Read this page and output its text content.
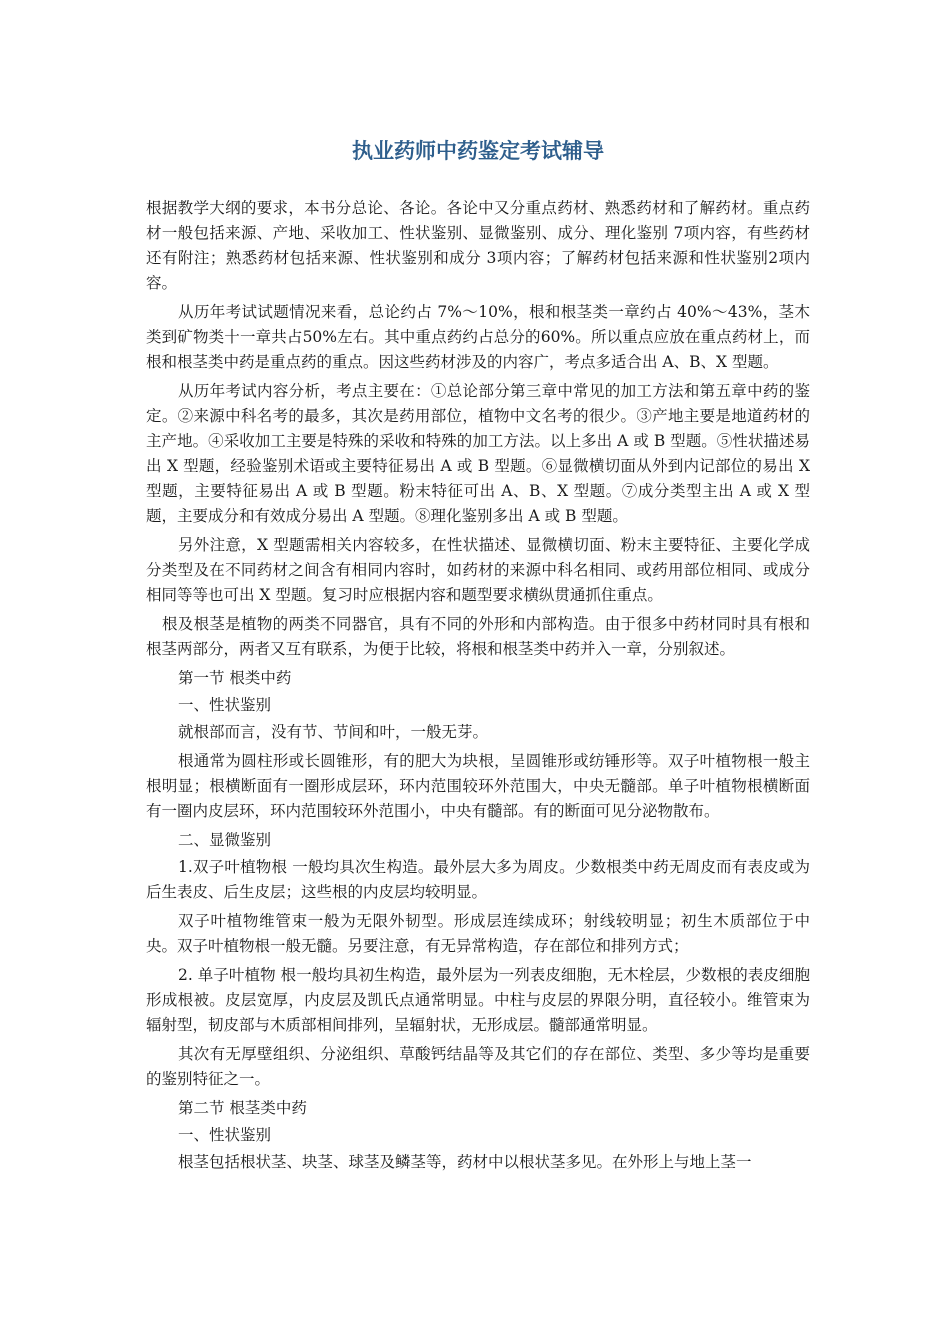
执业药师中药鉴定考试辅导

根据教学大纲的要求，本书分总论、各论。各论中又分重点药材、熟悉药材和了解药材。重点药材一般包括来源、产地、采收加工、性状鉴别、显微鉴别、成分、理化鉴别 7项内容，有些药材还有附注；熟悉药材包括来源、性状鉴别和成分 3项内容；了解药材包括来源和性状鉴别2项内容。

从历年考试试题情况来看，总论约占 7%～10%，根和根茎类一章约占 40%～43%，茎木类到矿物类十一章共占50%左右。其中重点药约占总分的60%。所以重点应放在重点药材上，而根和根茎类中药是重点药的重点。因这些药材涉及的内容广，考点多适合出 A、B、X 型题。

从历年考试内容分析，考点主要在：①总论部分第三章中常见的加工方法和第五章中药的鉴定。②来源中科名考的最多，其次是药用部位，植物中文名考的很少。③产地主要是地道药材的主产地。④采收加工主要是特殊的采收和特殊的加工方法。以上多出 A 或 B 型题。⑤性状描述易出 X 型题，经验鉴别术语或主要特征易出 A 或 B 型题。⑥显微横切面从外到内记部位的易出 X 型题，主要特征易出 A 或 B 型题。粉末特征可出 A、B、X 型题。⑦成分类型主出 A 或 X 型题，主要成分和有效成分易出 A 型题。⑧理化鉴别多出 A 或 B 型题。

另外注意，X 型题需相关内容较多，在性状描述、显微横切面、粉末主要特征、主要化学成分类型及在不同药材之间含有相同内容时，如药材的来源中科名相同、或药用部位相同、或成分相同等等也可出 X 型题。复习时应根据内容和题型要求横纵贯通抓住重点。

根及根茎是植物的两类不同器官，具有不同的外形和内部构造。由于很多中药材同时具有根和根茎两部分，两者又互有联系，为便于比较，将根和根茎类中药并入一章，分别叙述。

第一节 根类中药

一、性状鉴别

就根部而言，没有节、节间和叶，一般无芽。

根通常为圆柱形或长圆锥形，有的肥大为块根，呈圆锥形或纺锤形等。双子叶植物根一般主根明显；根横断面有一圈形成层环，环内范围较环外范围大，中央无髓部。单子叶植物根横断面有一圈内皮层环，环内范围较环外范围小，中央有髓部。有的断面可见分泌物散布。

二、显微鉴别

1.双子叶植物根 一般均具次生构造。最外层大多为周皮。少数根类中药无周皮而有表皮或为后生表皮、后生皮层；这些根的内皮层均较明显。

双子叶植物维管束一般为无限外韧型。形成层连续成环；射线较明显；初生木质部位于中央。双子叶植物根一般无髓。另要注意，有无异常构造，存在部位和排列方式；

2. 单子叶植物 根一般均具初生构造，最外层为一列表皮细胞，无木栓层，少数根的表皮细胞形成根被。皮层宽厚，内皮层及凯氏点通常明显。中柱与皮层的界限分明，直径较小。维管束为辐射型，韧皮部与木质部相间排列，呈辐射状，无形成层。髓部通常明显。

其次有无厚壁组织、分泌组织、草酸钙结晶等及其它们的存在部位、类型、多少等均是重要的鉴别特征之一。

第二节 根茎类中药

一、性状鉴别

根茎包括根状茎、块茎、球茎及鳞茎等，药材中以根状茎多见。在外形上与地上茎一
